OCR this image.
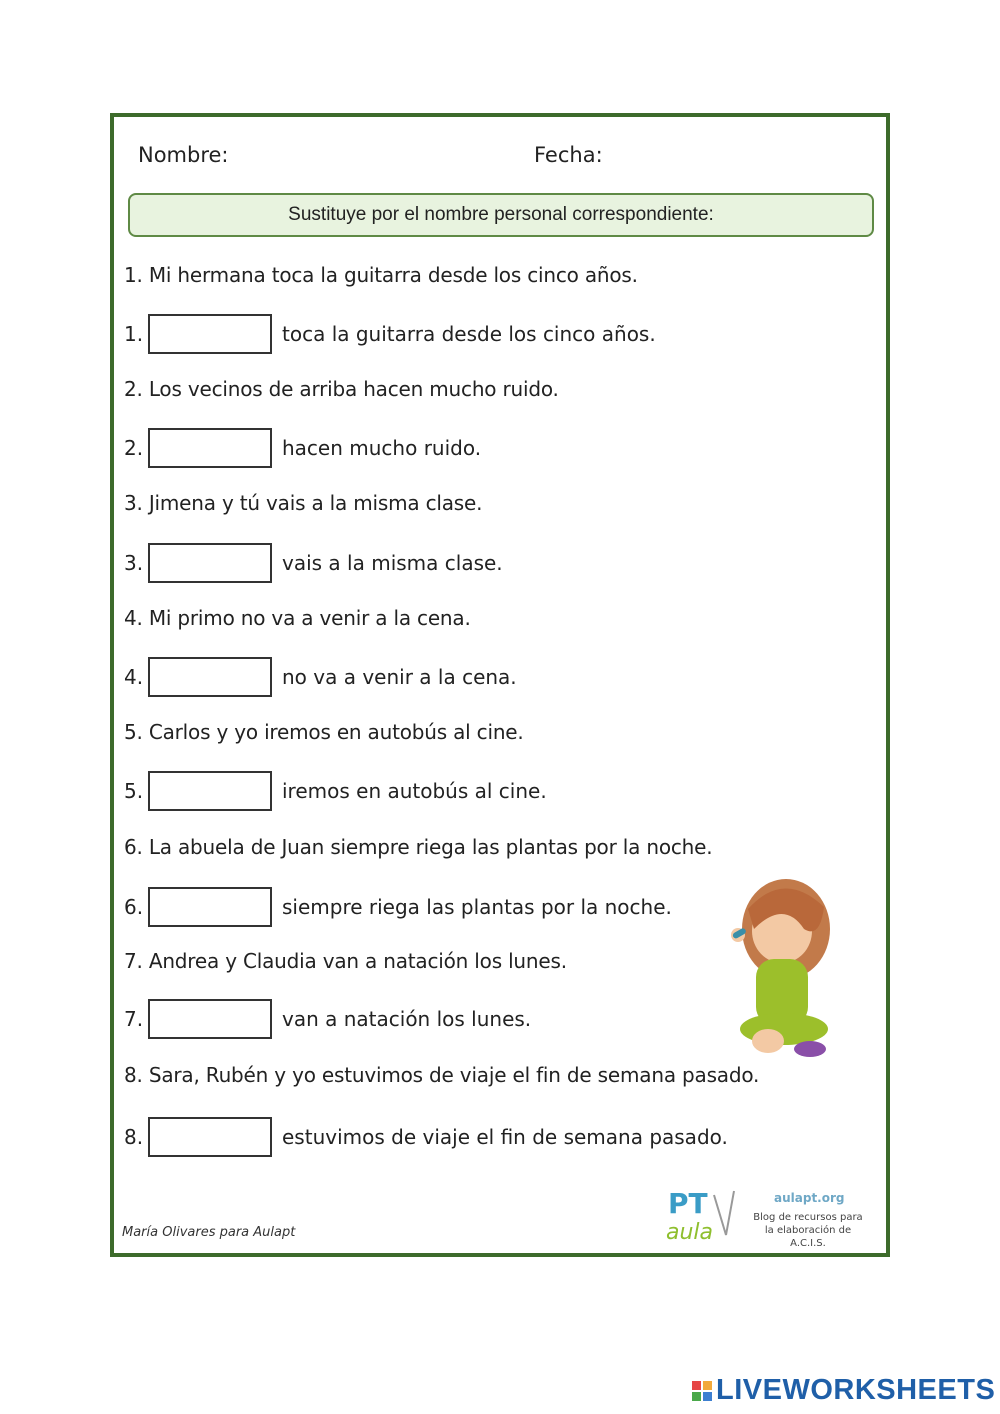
Nombre:	Fecha:
Sustituye por el nombre personal correspondiente:
1. Mi hermana toca la guitarra desde los cinco años.
1.	toca la guitarra desde los cinco años.
2. Los vecinos de arriba hacen mucho ruido.
2.	hacen mucho ruido.
3. Jimena y tú vais a la misma clase.
3.	vais a la misma clase.
4. Mi primo no va a venir a la cena.
4.	no va a venir a la cena.
5. Carlos y yo iremos en autobús al cine.
5.	iremos en autobús al cine.
6. La abuela de Juan siempre riega las plantas por la noche.
6.	siempre riega las plantas por la noche.
7. Andrea y Claudia van a natación los lunes.
7.	van a natación los lunes.
8. Sara, Rubén y yo estuvimos de viaje el fin de semana pasado.
8.	estuvimos de viaje el fin de semana pasado.
María Olivares para Aulapt
PT
aula
aulapt.org
Blog de recursos para la elaboración de A.C.I.S.
LIVEWORKSHEETS
